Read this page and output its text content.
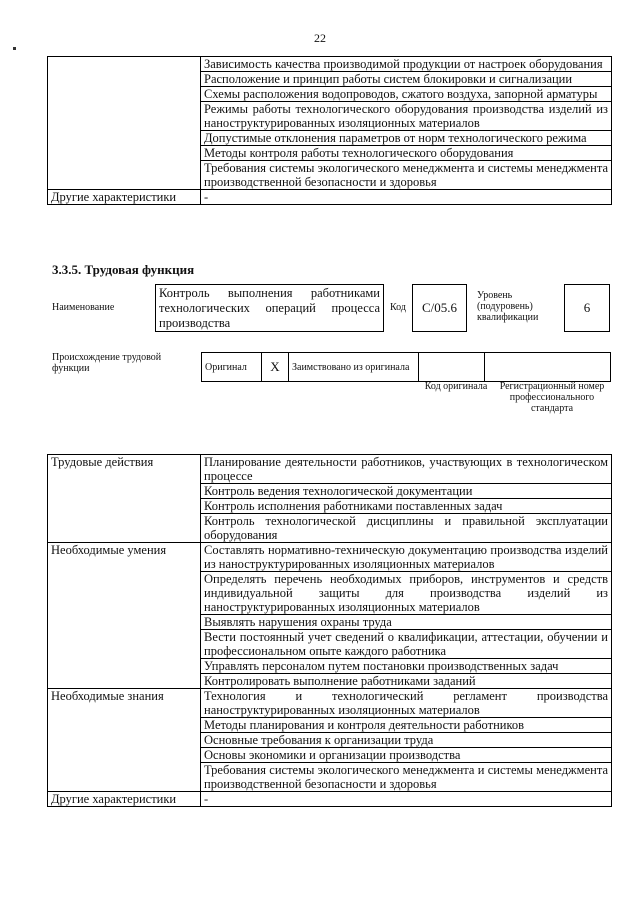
22
	Зависимость качества производимой продукции от настроек оборудования
	Расположение и принцип работы систем блокировки и сигнализации
	Схемы расположения водопроводов, сжатого воздуха, запорной арматуры
	Режимы работы технологического оборудования производства изделий из наноструктурированных изоляционных материалов
	Допустимые отклонения параметров от норм технологического режима
	Методы контроля работы технологического оборудования
	Требования системы экологического менеджмента и системы менеджмента производственной безопасности и здоровья
Другие характеристики	-
3.3.5. Трудовая функция
Наименование
Контроль выполнения работниками технологических операций процесса производства
Код	C/05.6
Уровень (подуровень) квалификации
6
Происхождение трудовой функции	Оригинал	X	Заимствовано из оригинала		
Код оригинала	Регистрационный номер профессионального стандарта
Трудовые действия	Планирование деятельности работников, участвующих в технологическом процессе
	Контроль ведения технологической документации
	Контроль исполнения работниками поставленных задач
	Контроль технологической дисциплины и правильной эксплуатации оборудования
Необходимые умения	Составлять нормативно-техническую документацию производства изделий из наноструктурированных изоляционных материалов
	Определять перечень необходимых приборов, инструментов и средств индивидуальной защиты для производства изделий из наноструктурированных изоляционных материалов
	Выявлять нарушения охраны труда
	Вести постоянный учет сведений о квалификации, аттестации, обучении и профессиональном опыте каждого работника
	Управлять персоналом путем постановки производственных задач
	Контролировать выполнение работниками заданий
Необходимые знания	Технология и технологический регламент производства наноструктурированных изоляционных материалов
	Методы планирования и контроля деятельности работников
	Основные требования к организации труда
	Основы экономики и организации производства
	Требования системы экологического менеджмента и системы менеджмента производственной безопасности и здоровья
Другие характеристики	-
